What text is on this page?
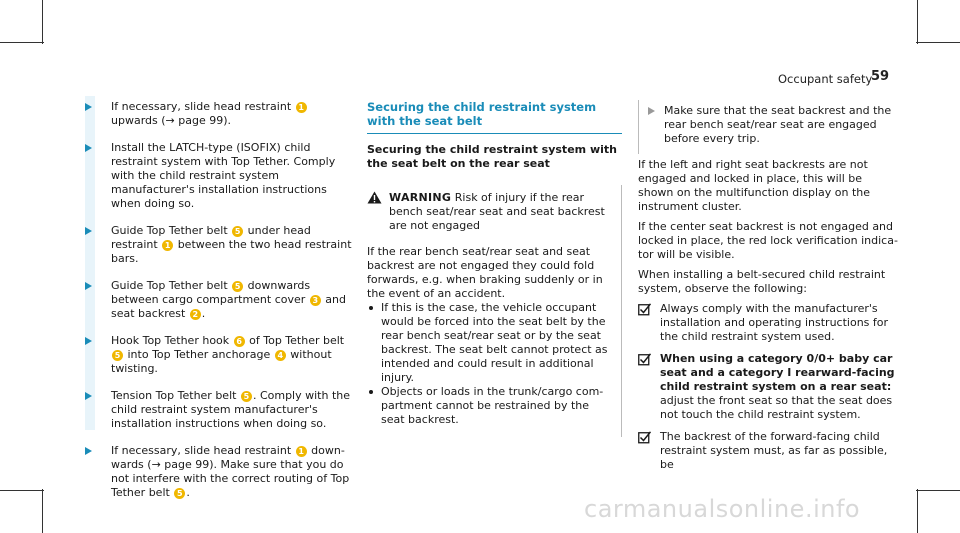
Occupant safety
59
If necessary, slide head restraint 1 upwards (→ page 99).
Install the LATCH-type (ISOFIX) child restraint system with Top Tether. Comply with the child restraint system manufacturer's installation instructions when doing so.
Guide Top Tether belt 5 under head restraint 1 between the two head restraint bars.
Guide Top Tether belt 5 downwards between cargo compartment cover 3 and seat backrest 2 .
Hook Top Tether hook 6 of Top Tether belt 5 into Top Tether anchorage 4 without twisting.
Tension Top Tether belt 5 . Comply with the child restraint system manufacturer's installation instructions when doing so.
If necessary, slide head restraint 1 downwards (→ page 99). Make sure that you do not interfere with the correct routing of Top Tether belt 5 .
Securing the child restraint system with the seat belt
Securing the child restraint system with the seat belt on the rear seat
WARNING Risk of injury if the rear bench seat/rear seat and seat backrest are not engaged
If the rear bench seat/rear seat and seat backrest are not engaged they could fold forwards, e.g. when braking suddenly or in the event of an accident.
If this is the case, the vehicle occupant would be forced into the seat belt by the rear bench seat/rear seat or by the seat backrest. The seat belt cannot protect as intended and could result in additional injury.
Objects or loads in the trunk/cargo compartment cannot be restrained by the seat backrest.
Make sure that the seat backrest and the rear bench seat/rear seat are engaged before every trip.
If the left and right seat backrests are not engaged and locked in place, this will be shown on the multifunction display on the instrument cluster.
If the center seat backrest is not engaged and locked in place, the red lock verification indicator will be visible.
When installing a belt-secured child restraint system, observe the following:
Always comply with the manufacturer's installation and operating instructions for the child restraint system used.
When using a category 0/0+ baby car seat and a category I rearward-facing child restraint system on a rear seat: adjust the front seat so that the seat does not touch the child restraint system.
The backrest of the forward-facing child restraint system must, as far as possible, be
carmanualsonline.info
